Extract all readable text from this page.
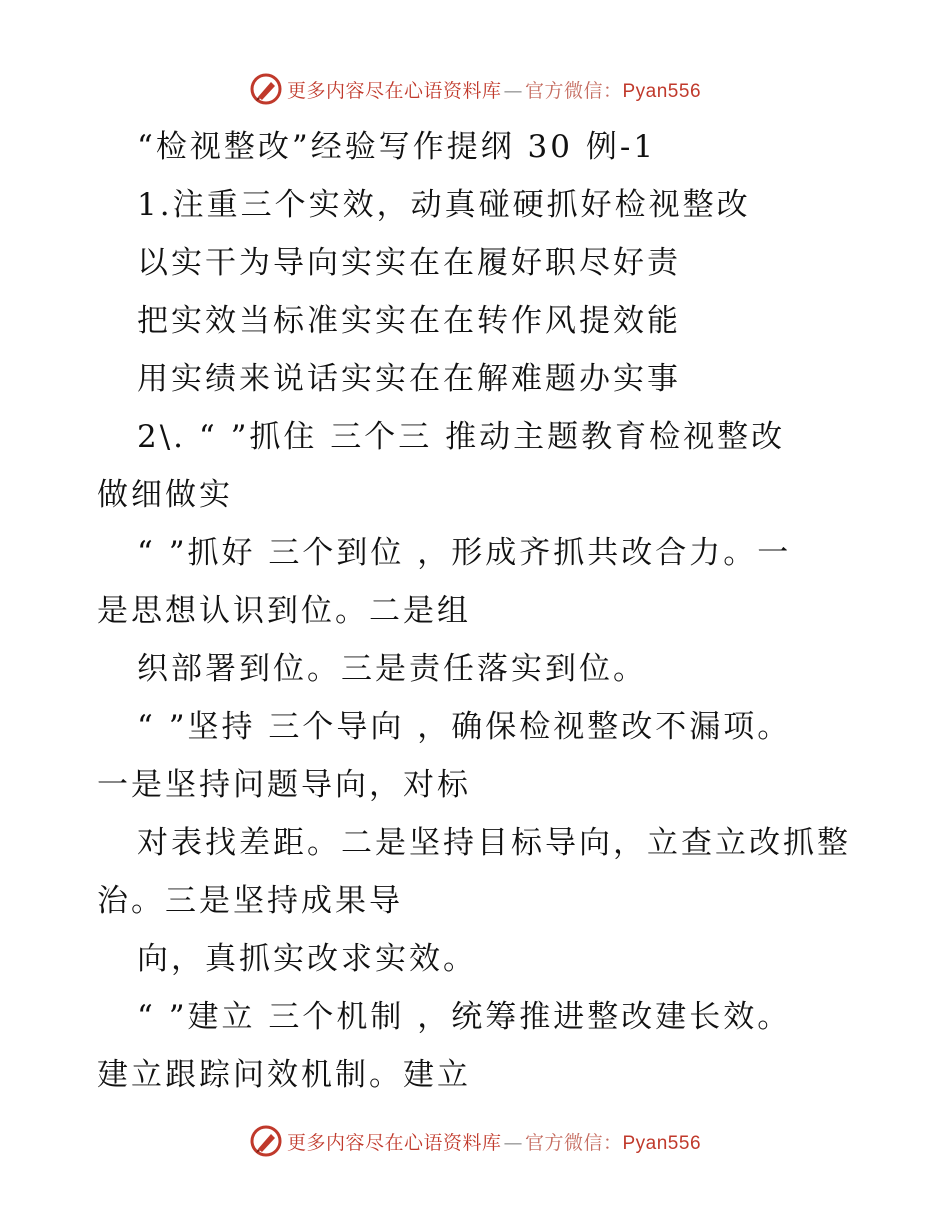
更多内容尽在心语资料库 — 官方微信：Pyan556
“检视整改”经验写作提纲 30 例-1
1.注重三个实效，动真碰硬抓好检视整改
以实干为导向实实在在履好职尽好责
把实效当标准实实在在转作风提效能
用实绩来说话实实在在解难题办实事
2\. “ ”抓住 三个三 推动主题教育检视整改
做细做实
“ ”抓好 三个到位 ，形成齐抓共改合力。一
是思想认识到位。二是组
织部署到位。三是责任落实到位。
“ ”坚持 三个导向 ，确保检视整改不漏项。
一是坚持问题导向，对标
对表找差距。二是坚持目标导向，立查立改抓整
治。三是坚持成果导
向，真抓实改求实效。
“ ”建立 三个机制 ，统筹推进整改建长效。
建立跟踪问效机制。建立
更多内容尽在心语资料库 — 官方微信：Pyan556
